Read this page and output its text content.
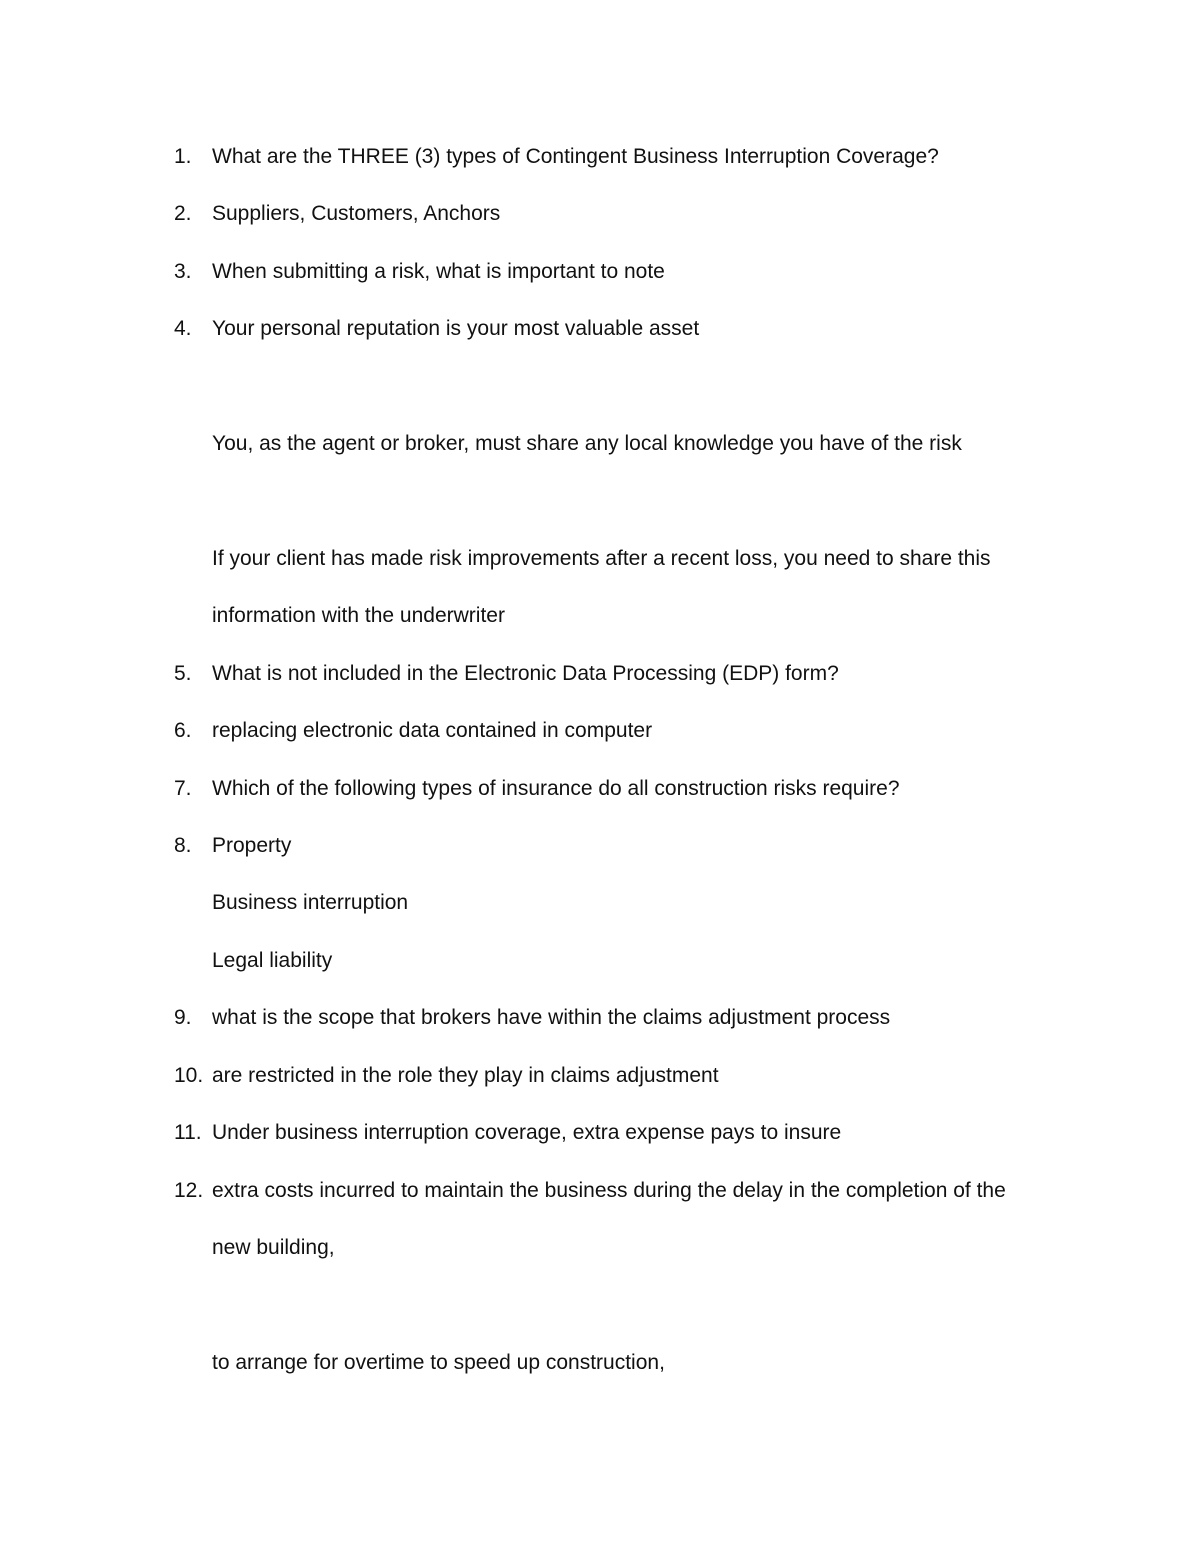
1. What are the THREE (3) types of Contingent Business Interruption Coverage?
2. Suppliers, Customers, Anchors
3. When submitting a risk, what is important to note
4. Your personal reputation is your most valuable asset
You, as the agent or broker, must share any local knowledge you have of the risk
If your client has made risk improvements after a recent loss, you need to share this
information with the underwriter
5. What is not included in the Electronic Data Processing (EDP) form?
6. replacing electronic data contained in computer
7. Which of the following types of insurance do all construction risks require?
8. Property
Business interruption
Legal liability
9. what is the scope that brokers have within the claims adjustment process
10. are restricted in the role they play in claims adjustment
11. Under business interruption coverage, extra expense pays to insure
12. extra costs incurred to maintain the business during the delay in the completion of the
new building,
to arrange for overtime to speed up construction,
